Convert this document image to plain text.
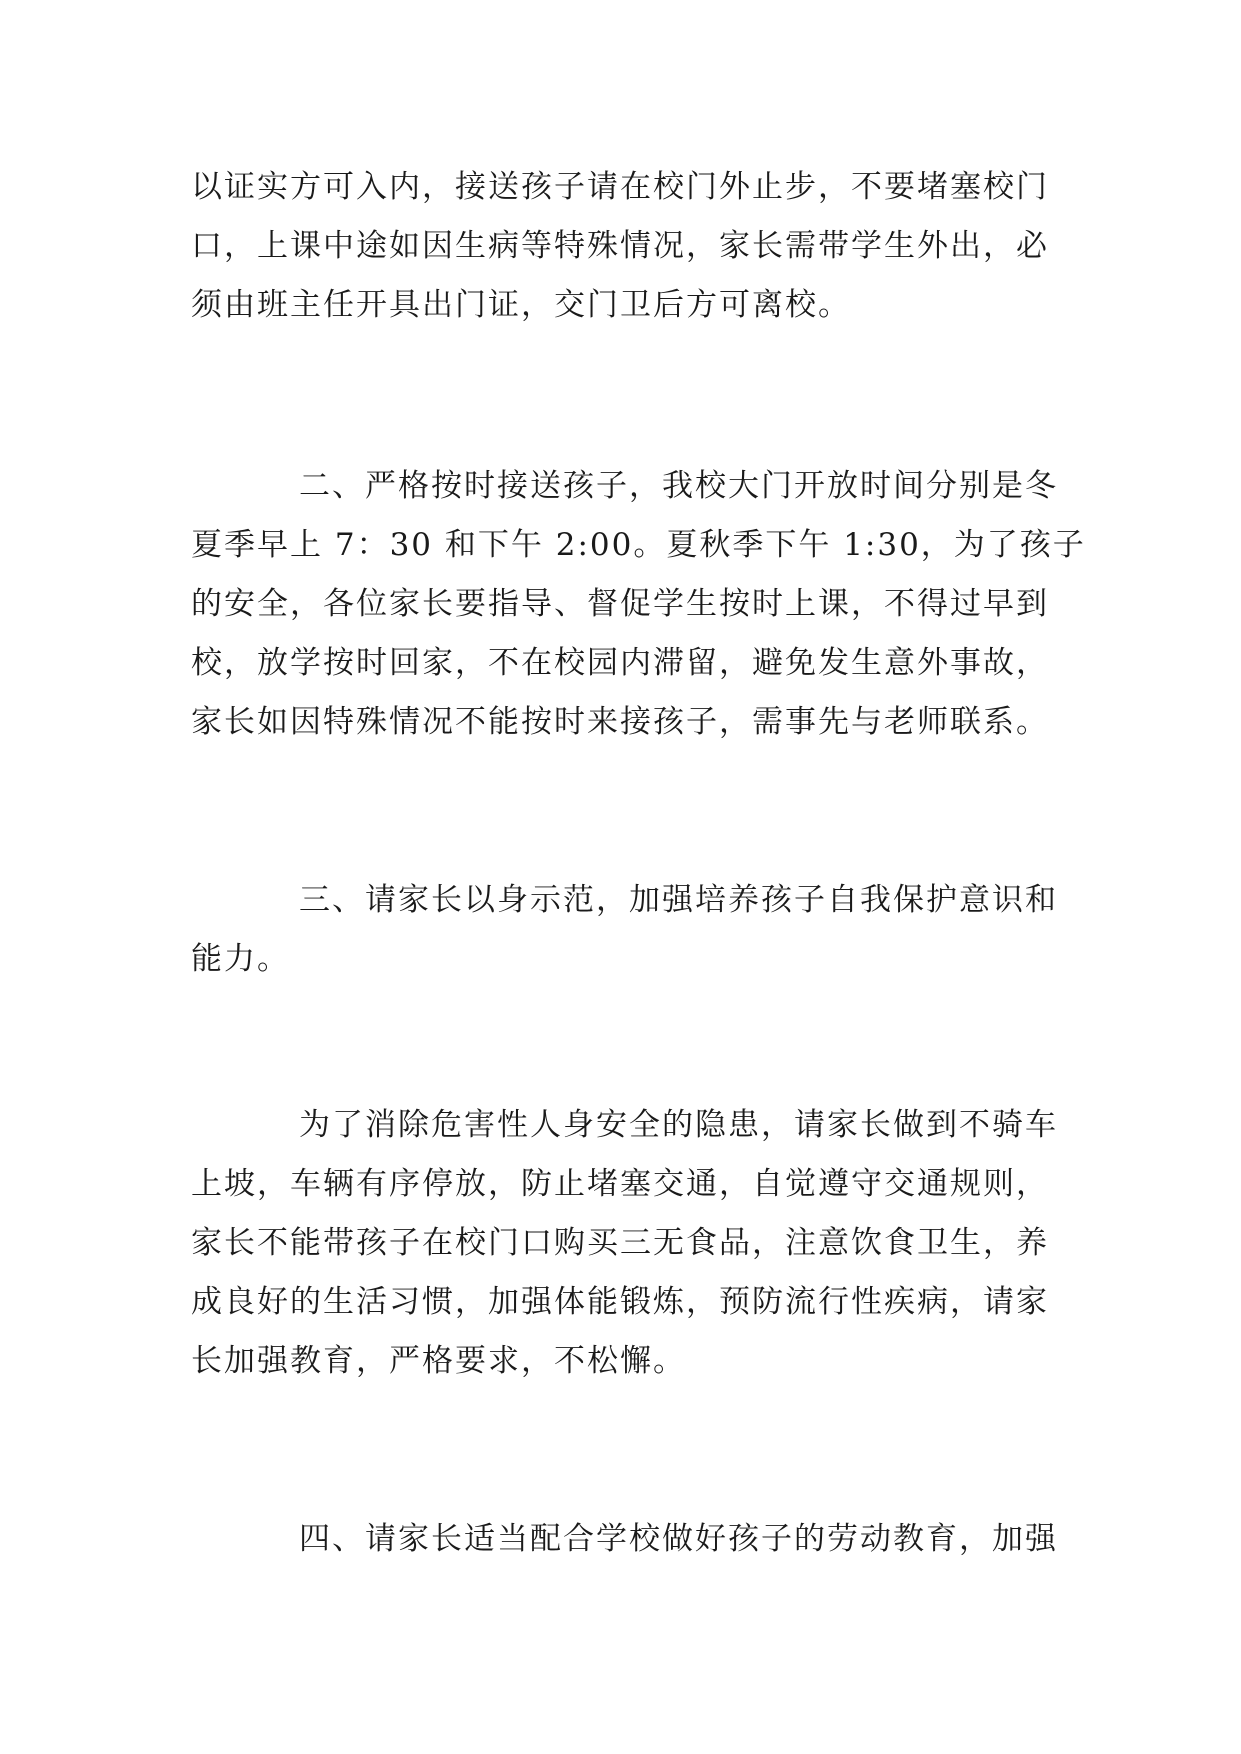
以证实方可入内，接送孩子请在校门外止步，不要堵塞校门
口，上课中途如因生病等特殊情况，家长需带学生外出，必
须由班主任开具出门证，交门卫后方可离校。

二、严格按时接送孩子，我校大门开放时间分别是冬
夏季早上 7：30 和下午 2:00。夏秋季下午 1:30，为了孩子
的安全，各位家长要指导、督促学生按时上课，不得过早到
校，放学按时回家，不在校园内滞留，避免发生意外事故，
家长如因特殊情况不能按时来接孩子，需事先与老师联系。

三、请家长以身示范，加强培养孩子自我保护意识和
能力。

为了消除危害性人身安全的隐患，请家长做到不骑车
上坡，车辆有序停放，防止堵塞交通，自觉遵守交通规则，
家长不能带孩子在校门口购买三无食品，注意饮食卫生，养
成良好的生活习惯，加强体能锻炼，预防流行性疾病，请家
长加强教育，严格要求，不松懈。

四、请家长适当配合学校做好孩子的劳动教育，加强
